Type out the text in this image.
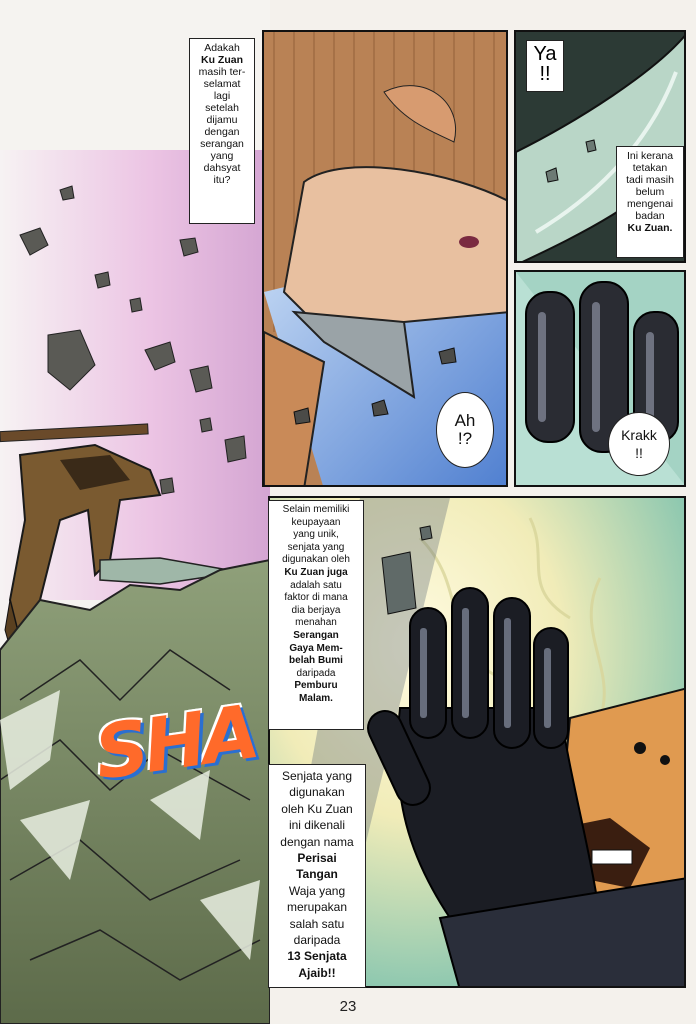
SHA
Adakah
Ku Zuan
masih ter-
selamat
lagi
setelah
dijamu
dengan
serangan
yang
dahsyat
itu?
Ah
!?
Ya
!!
Ini kerana
tetakan
tadi masih
belum
mengenai
badan
Ku Zuan.
Krakk
!!
Selain memiliki
keupayaan
yang unik,
senjata yang
digunakan oleh
Ku Zuan juga
adalah satu
faktor di mana
dia berjaya
menahan
Serangan
Gaya Mem-
belah Bumi
daripada
Pemburu
Malam.
Senjata yang
digunakan
oleh Ku Zuan
ini dikenali
dengan nama
Perisai
Tangan
Waja yang
merupakan
salah satu
daripada
13 Senjata
Ajaib!!
23
